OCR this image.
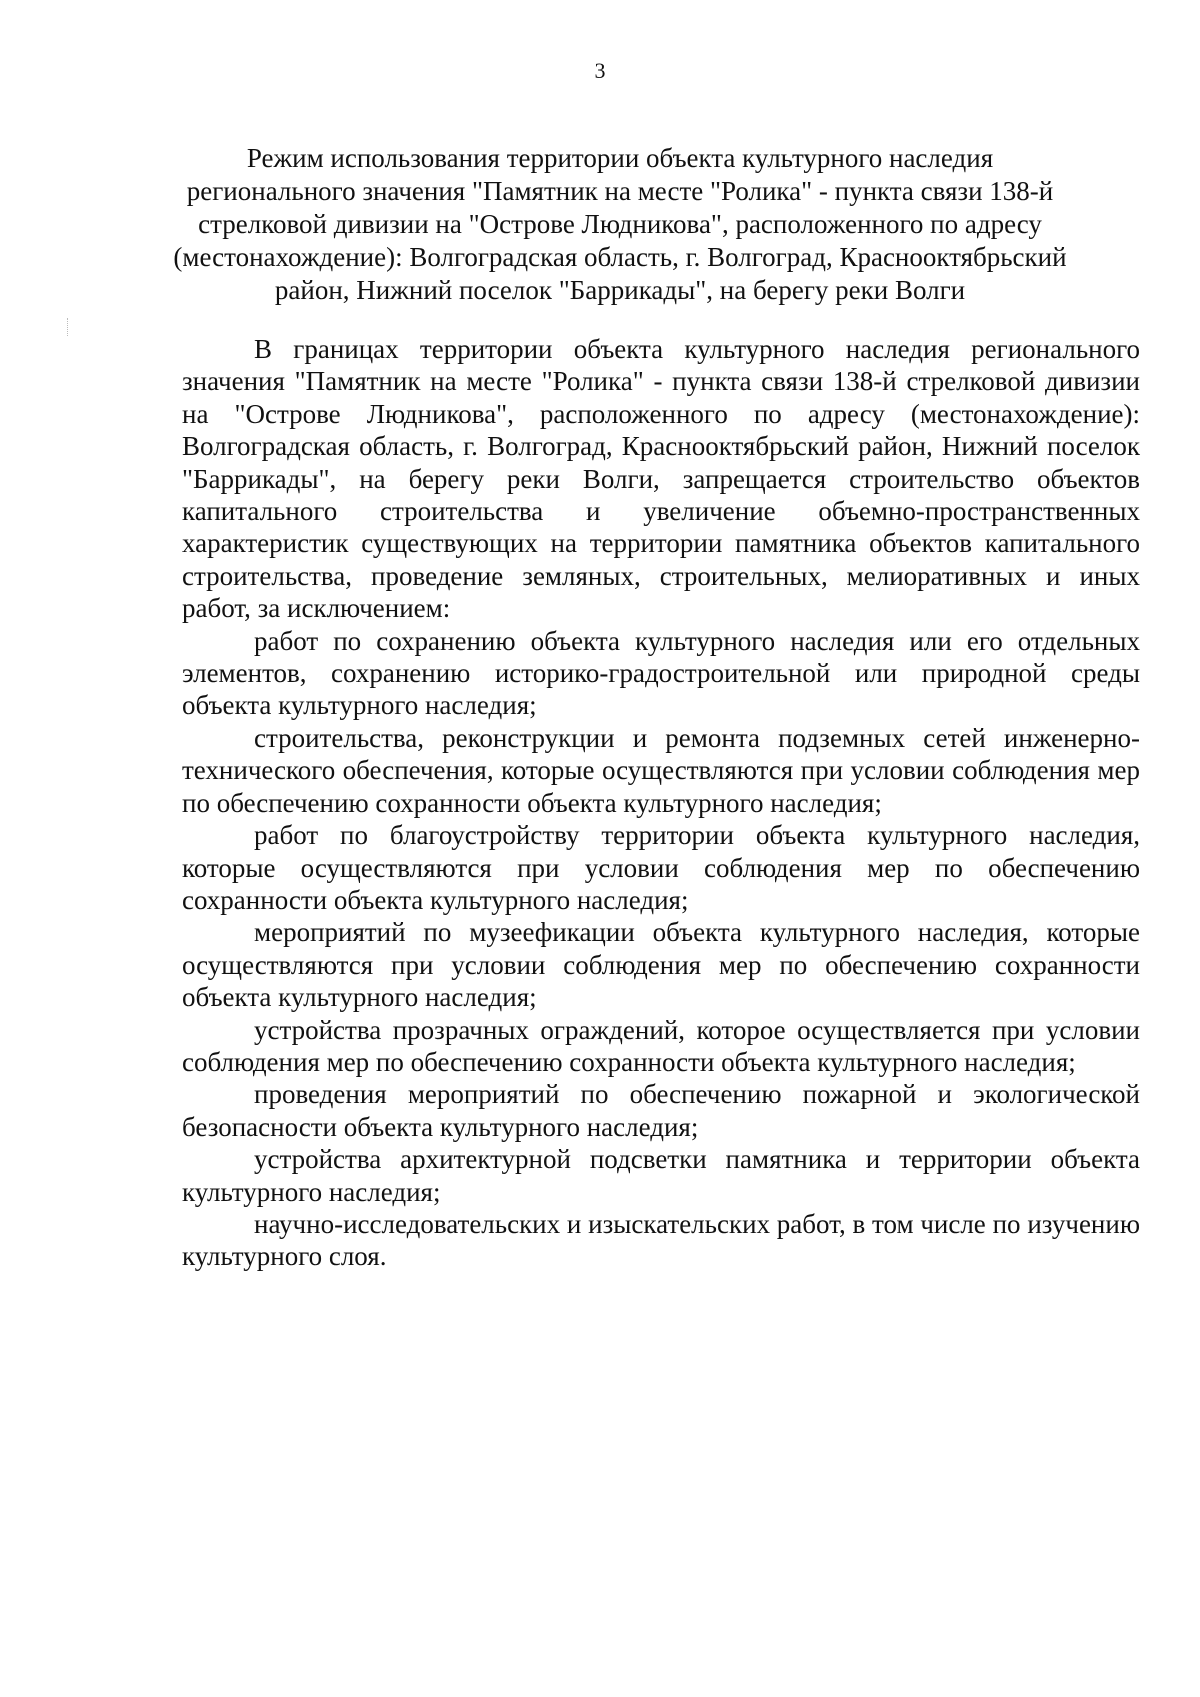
3
Режим использования территории объекта культурного наследия
регионального значения "Памятник на месте "Ролика" - пункта связи 138-й
стрелковой дивизии на "Острове Людникова", расположенного по адресу
(местонахождение): Волгоградская область, г. Волгоград, Краснооктябрьский
район, Нижний поселок "Баррикады", на берегу реки Волги

В границах территории объекта культурного наследия регионального значения "Памятник на месте "Ролика" - пункта связи 138-й стрелковой дивизии на "Острове Людникова", расположенного по адресу (местонахождение): Волгоградская область, г. Волгоград, Краснооктябрьский район, Нижний поселок "Баррикады", на берегу реки Волги, запрещается строительство объектов капитального строительства и увеличение объемно-пространственных характеристик существующих на территории памятника объектов капитального строительства, проведение земляных, строительных, мелиоративных и иных работ, за исключением:

работ по сохранению объекта культурного наследия или его отдельных элементов, сохранению историко-градостроительной или природной среды объекта культурного наследия;

строительства, реконструкции и ремонта подземных сетей инженерно-технического обеспечения, которые осуществляются при условии соблюдения мер по обеспечению сохранности объекта культурного наследия;

работ по благоустройству территории объекта культурного наследия, которые осуществляются при условии соблюдения мер по обеспечению сохранности объекта культурного наследия;

мероприятий по музеефикации объекта культурного наследия, которые осуществляются при условии соблюдения мер по обеспечению сохранности объекта культурного наследия;

устройства прозрачных ограждений, которое осуществляется при условии соблюдения мер по обеспечению сохранности объекта культурного наследия;

проведения мероприятий по обеспечению пожарной и экологической безопасности объекта культурного наследия;

устройства архитектурной подсветки памятника и территории объекта культурного наследия;

научно-исследовательских и изыскательских работ, в том числе по изучению культурного слоя.
